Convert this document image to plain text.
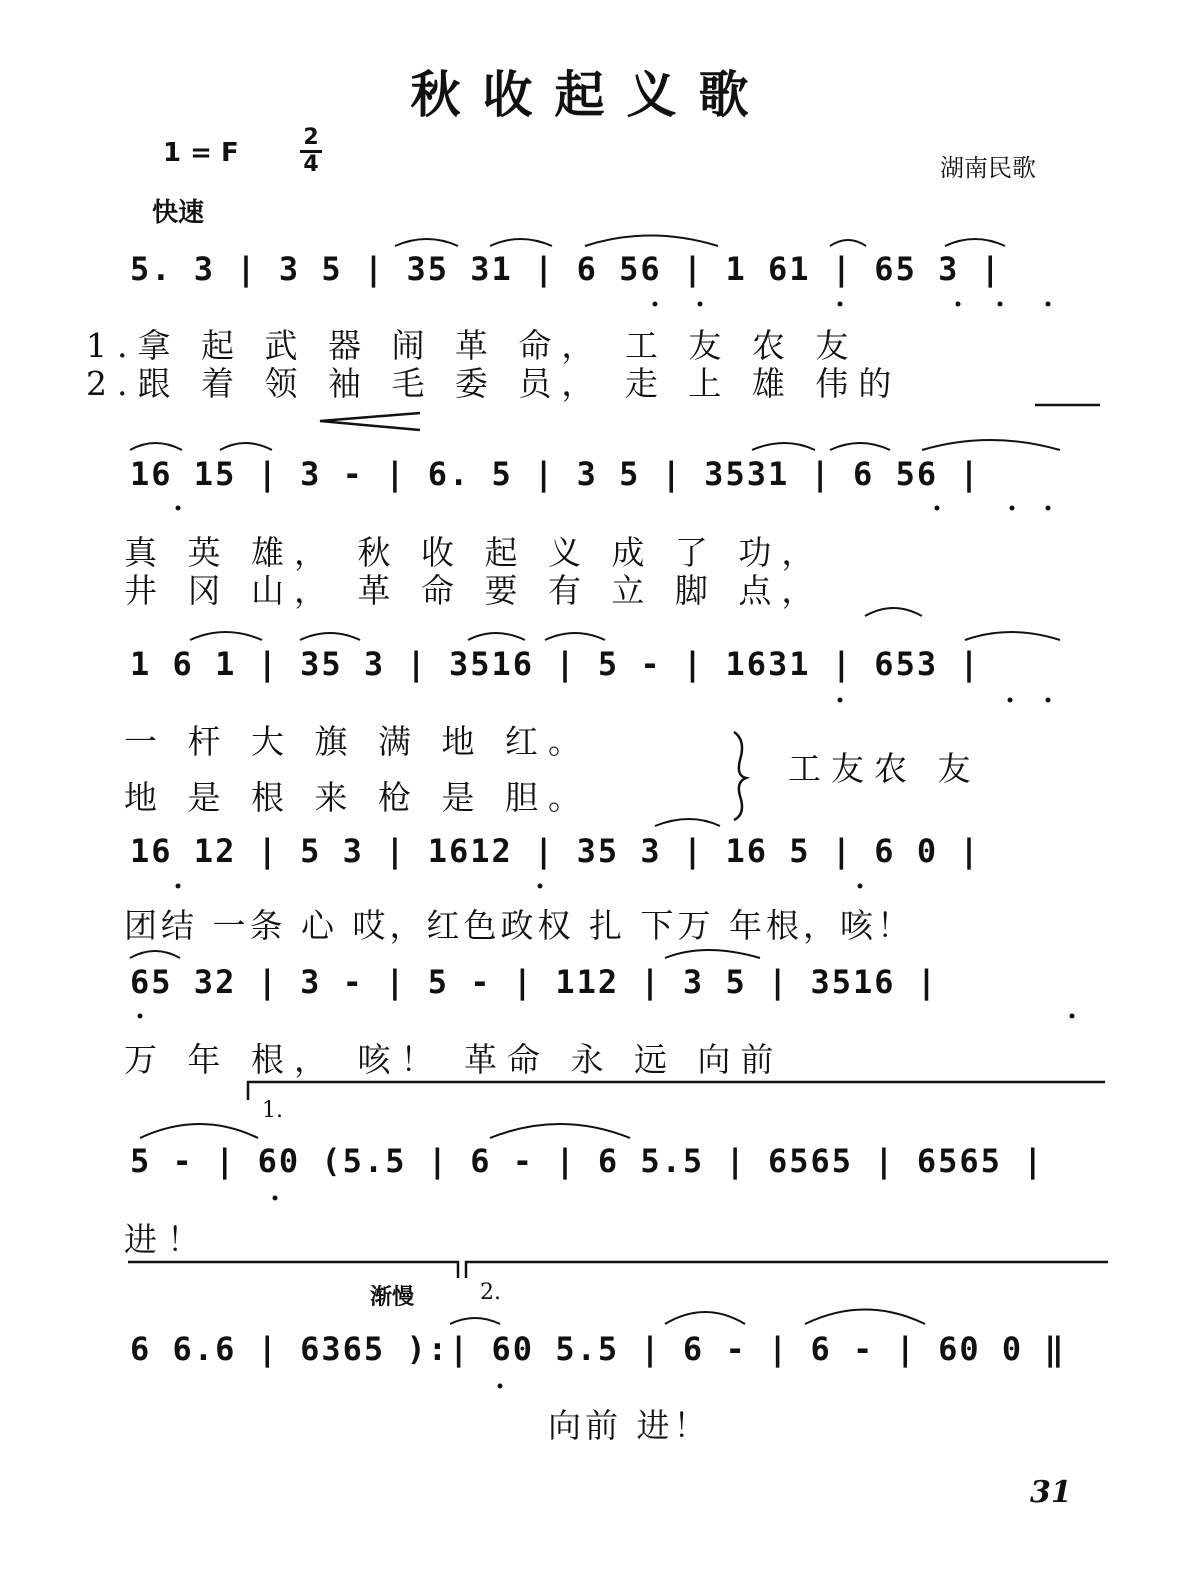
秋收起义歌
1 = F
2
4	湖南民歌
快速
5. 3 | 3 5 | 35 31 | 6 56 | 1 61 | 65 3 |
1.拿 起 武 器 闹 革 命， 工 友 农 友
2.跟 着 领 袖 毛 委 员， 走 上 雄 伟的
16 15 | 3 - | 6. 5 | 3 5 | 3531 | 6 56 |
真 英 雄， 秋 收 起 义 成 了 功，
井 冈 山， 革 命 要 有 立 脚 点，
1 6 1 | 35 3 | 3516 | 5 - | 1631 | 653 |
一 杆 大 旗 满 地 红。
地 是 根 来 枪 是 胆。
工友农 友
16 12 | 5 3 | 1612 | 35 3 | 16 5 | 6 0 |
团结 一条 心 哎，红色政权 扎 下万 年根，咳！
65 32 | 3 - | 5 - | 112 | 3 5 | 3516 |
万 年 根， 咳！ 革命 永 远 向前
1.
5 - | 60 (5.5 | 6 - | 6 5.5 | 6565 | 6565 |
进！
渐慢	2.
6 6.6 | 6365 ):| 60 5.5 | 6 - | 6 - | 60 0 ‖
向前 进！
31
